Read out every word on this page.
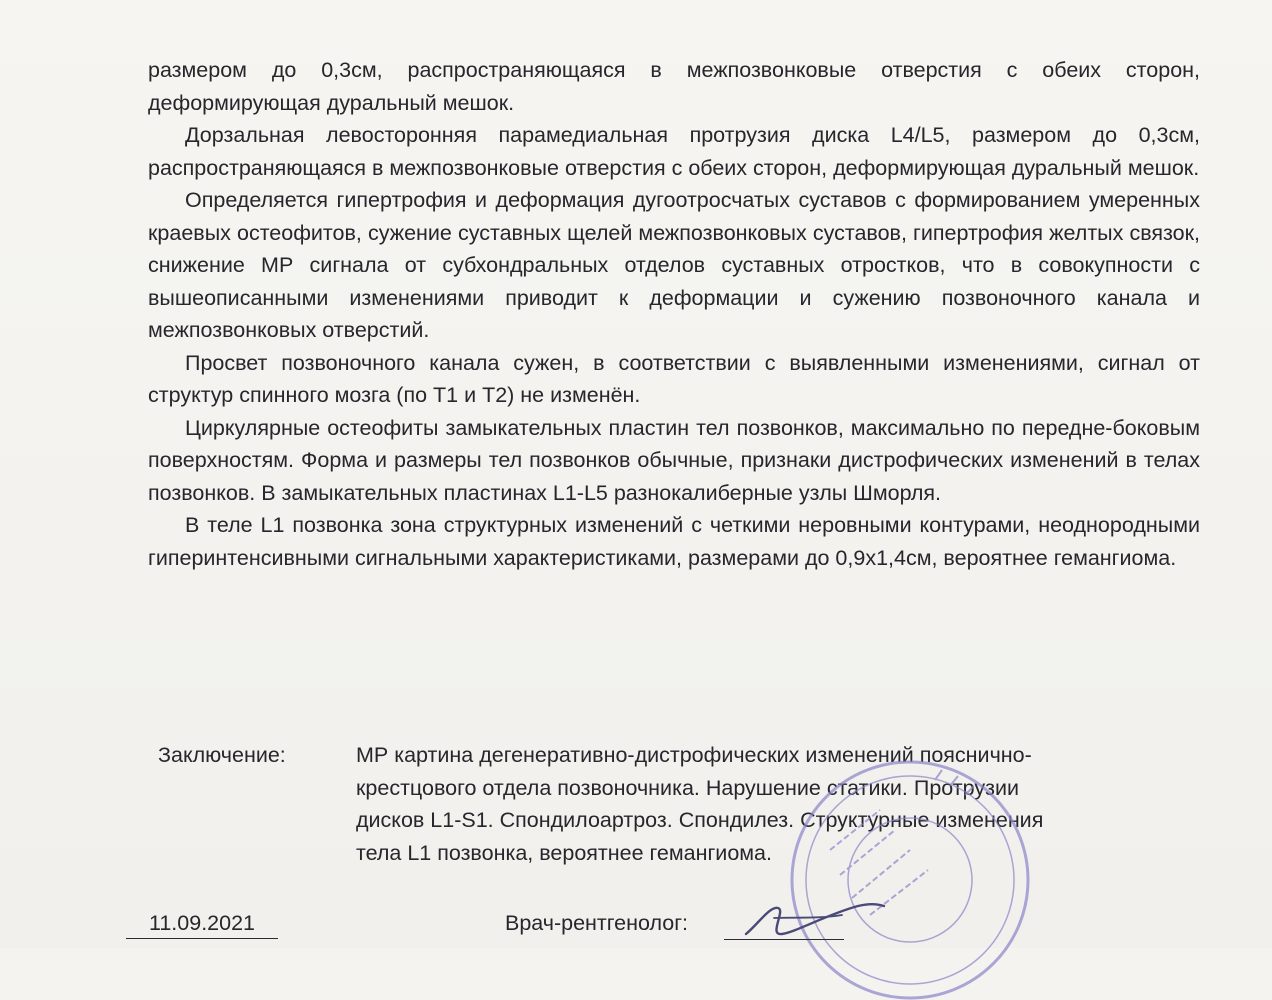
размером до 0,3см, распространяющаяся в межпозвонковые отверстия с обеих сторон, деформирующая дуральный мешок.

Дорзальная левосторонняя парамедиальная протрузия диска L4/L5, размером до 0,3см, распространяющаяся в межпозвонковые отверстия с обеих сторон, деформирующая дуральный мешок.

Определяется гипертрофия и деформация дугоотросчатых суставов с формированием умеренных краевых остеофитов, сужение суставных щелей межпозвонковых суставов, гипертрофия желтых связок, снижение МР сигнала от субхондральных отделов суставных отростков, что в совокупности с вышеописанными изменениями приводит к деформации и сужению позвоночного канала и межпозвонковых отверстий.

Просвет позвоночного канала сужен, в соответствии с выявленными изменениями, сигнал от структур спинного мозга (по Т1 и Т2) не изменён.

Циркулярные остеофиты замыкательных пластин тел позвонков, максимально по передне-боковым поверхностям. Форма и размеры тел позвонков обычные, признаки дистрофических изменений в телах позвонков. В замыкательных пластинах L1-L5 разнокалиберные узлы Шморля.

В теле L1 позвонка зона структурных изменений с четкими неровными контурами, неоднородными гиперинтенсивными сигнальными характеристиками, размерами до 0,9х1,4см, вероятнее гемангиома.

Заключение:	МР картина дегенеративно-дистрофических изменений пояснично-
крестцового отдела позвоночника. Нарушение статики. Протрузии
дисков L1-S1. Спондилоартроз. Спондилез. Структурные изменения
тела L1 позвонка, вероятнее гемангиома.
11.09.2021	Врач-рентгенолог:
